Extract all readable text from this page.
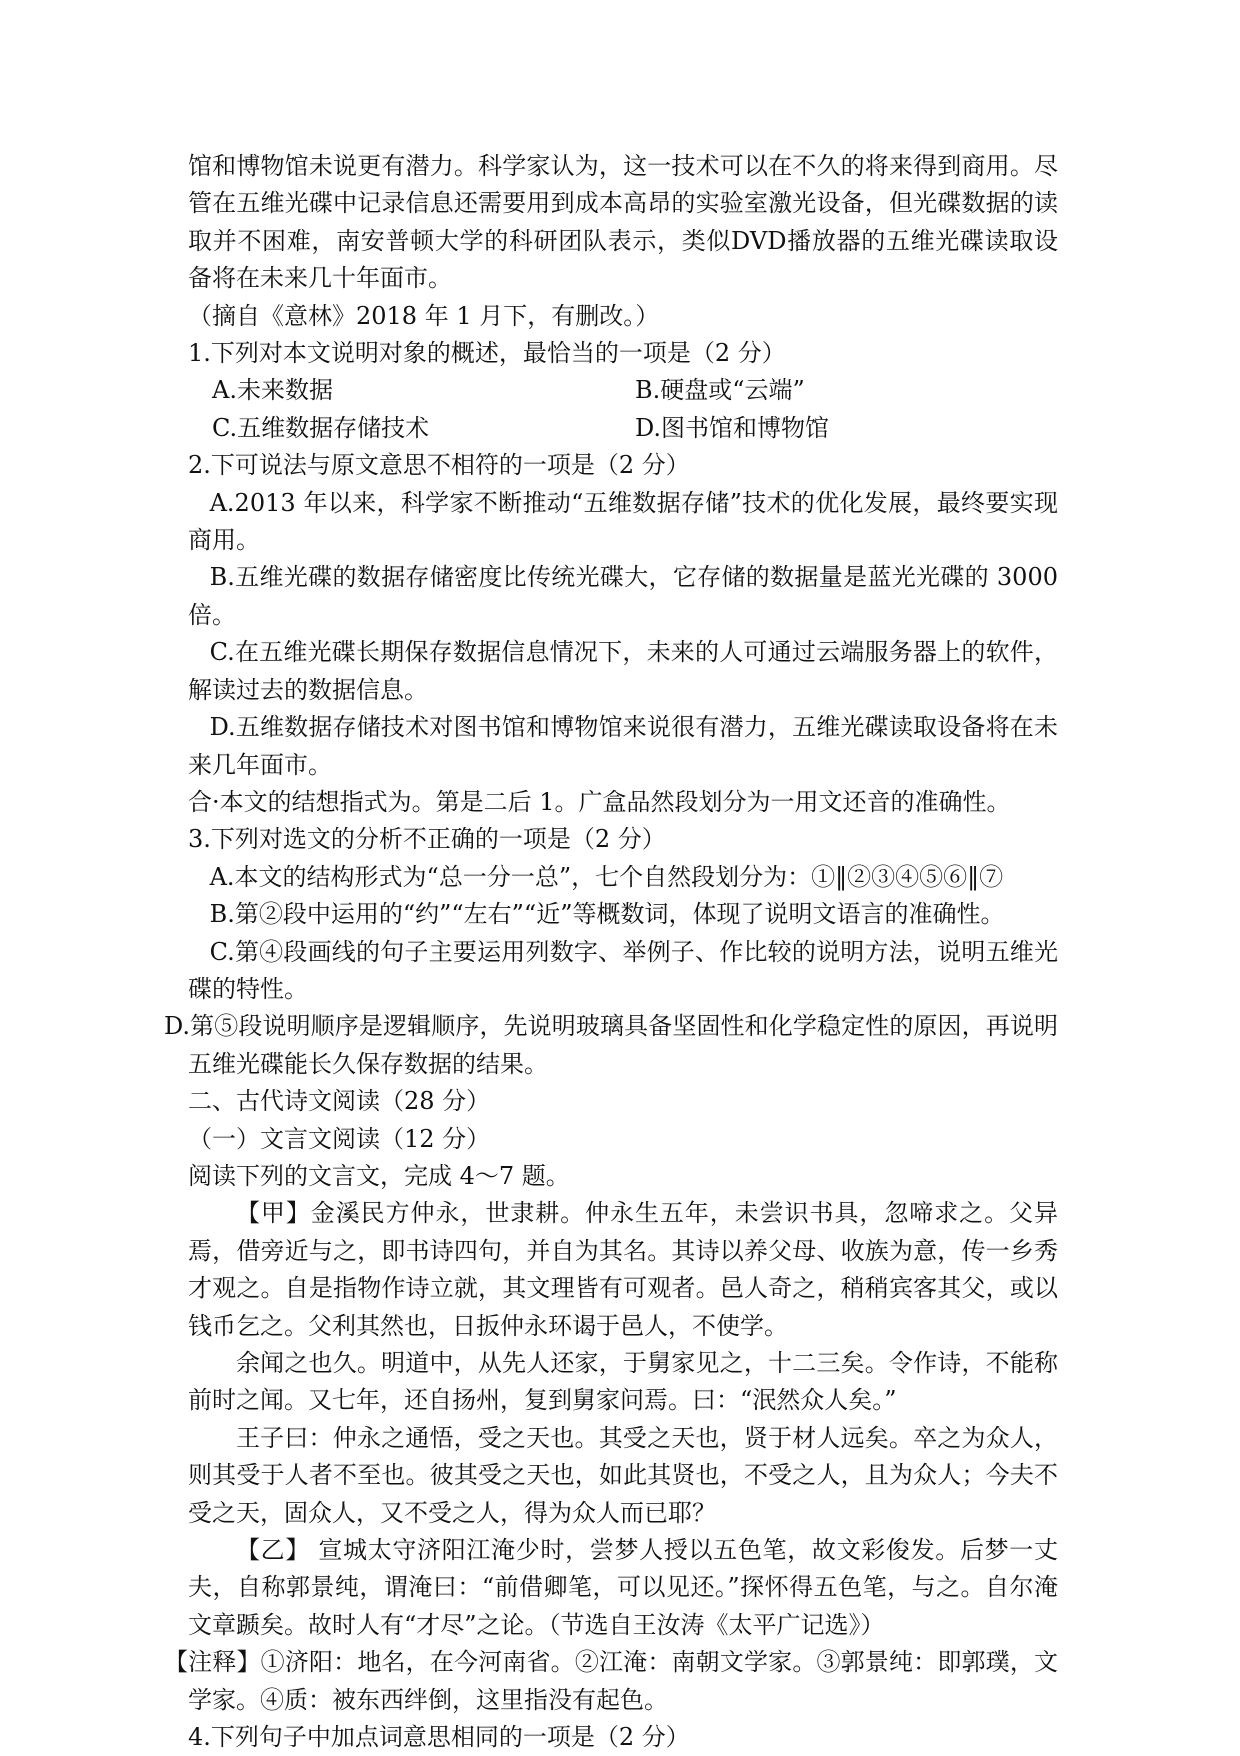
馆和博物馆未说更有潜力。科学家认为，这一技术可以在不久的将来得到商用。尽管在五维光碟中记录信息还需要用到成本高昂的实验室激光设备，但光碟数据的读取并不困难，南安普顿大学的科研团队表示，类似DVD播放器的五维光碟读取设备将在未来几十年面市。

（摘自《意林》2018 年 1 月下，有删改。）

1.下列对本文说明对象的概述，最恰当的一项是（2 分）

A.未来数据	B.硬盘或“云端”
C.五维数据存储技术	D.图书馆和博物馆

2.下可说法与原文意思不相符的一项是（2 分）

A.2013 年以来，科学家不断推动“五维数据存储”技术的优化发展，最终要实现商用。

B.五维光碟的数据存储密度比传统光碟大，它存储的数据量是蓝光光碟的 3000 倍。

C.在五维光碟长期保存数据信息情况下，未来的人可通过云端服务器上的软件，解读过去的数据信息。

D.五维数据存储技术对图书馆和博物馆来说很有潜力，五维光碟读取设备将在未来几年面市。

合·本文的结想指式为。第是二后 1。广盒品然段划分为一用文还音的准确性。

3.下列对选文的分析不正确的一项是（2 分）

A.本文的结构形式为“总一分一总”，七个自然段划分为：①‖②③④⑤⑥‖⑦

B.第②段中运用的“约”“左右”“近”等概数词，体现了说明文语言的准确性。

C.第④段画线的句子主要运用列数字、举例子、作比较的说明方法，说明五维光碟的特性。

D.第⑤段说明顺序是逻辑顺序，先说明玻璃具备坚固性和化学稳定性的原因，再说明五维光碟能长久保存数据的结果。

二、古代诗文阅读（28 分）

（一）文言文阅读（12 分）

阅读下列的文言文，完成 4～7 题。

【甲】金溪民方仲永，世隶耕。仲永生五年，未尝识书具，忽啼求之。父异焉，借旁近与之，即书诗四句，并自为其名。其诗以养父母、收族为意，传一乡秀才观之。自是指物作诗立就，其文理皆有可观者。邑人奇之，稍稍宾客其父，或以钱币乞之。父利其然也，日扳仲永环谒于邑人，不使学。

余闻之也久。明道中，从先人还家，于舅家见之，十二三矣。令作诗，不能称前时之闻。又七年，还自扬州，复到舅家问焉。曰：“泯然众人矣。”

王子曰：仲永之通悟，受之天也。其受之天也，贤于材人远矣。卒之为众人，则其受于人者不至也。彼其受之天也，如此其贤也，不受之人，且为众人；今夫不受之天，固众人，又不受之人，得为众人而已耶？

【乙】 宣城太守济阳江淹少时，尝梦人授以五色笔，故文彩俊发。后梦一丈夫，自称郭景纯，谓淹曰：“前借卿笔，可以见还。”探怀得五色笔，与之。自尔淹文章踬矣。故时人有“才尽”之论。（节选自王汝涛《太平广记选》）

【注释】①济阳：地名，在今河南省。②江淹：南朝文学家。③郭景纯：即郭璞，文学家。④质：被东西绊倒，这里指没有起色。

4.下列句子中加点词意思相同的一项是（2 分）
